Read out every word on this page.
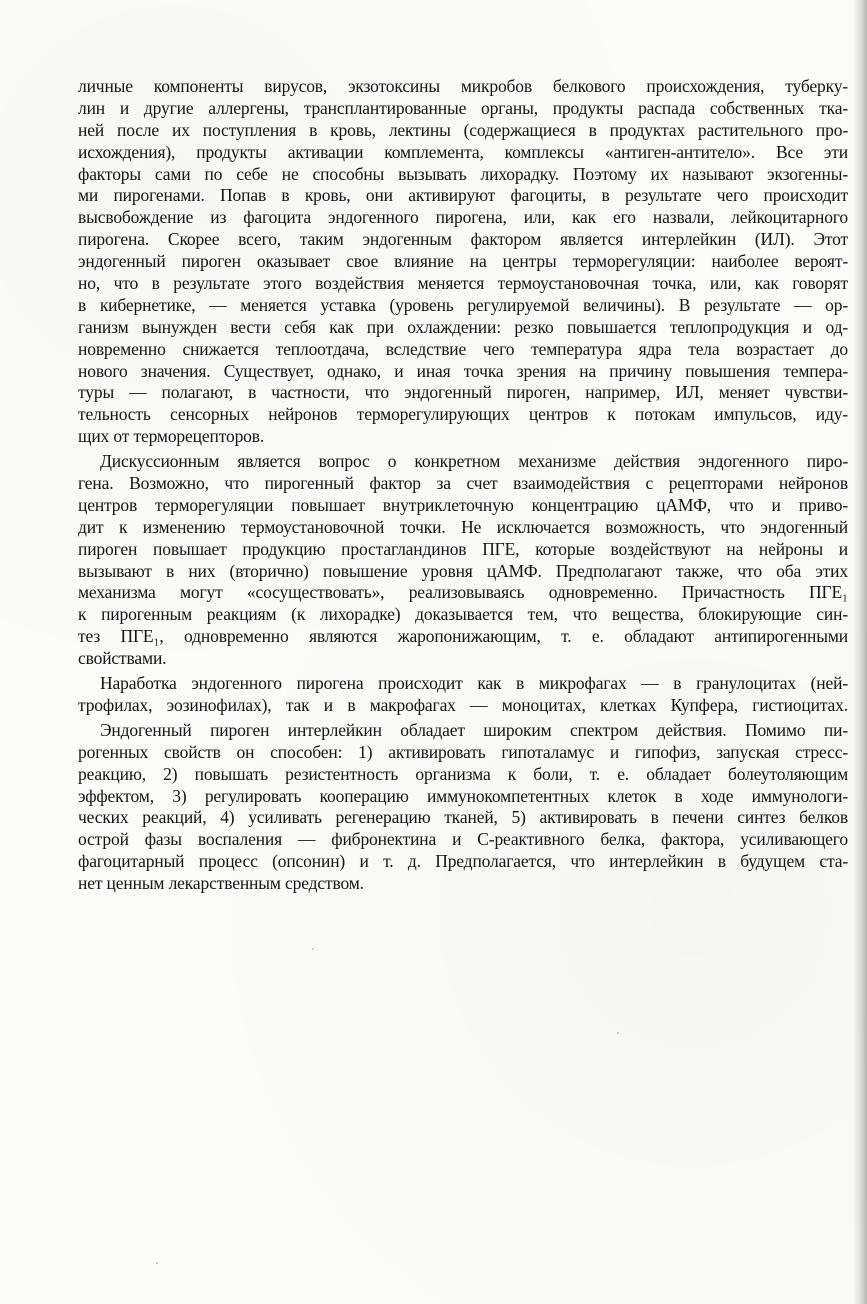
личные компоненты вирусов, экзотоксины микробов белкового происхождения, туберку-
лин и другие аллергены, трансплантированные органы, продукты распада собственных тка-
ней после их поступления в кровь, лектины (содержащиеся в продуктах растительного про-
исхождения), продукты активации комплемента, комплексы «антиген-антитело». Все эти
факторы сами по себе не способны вызывать лихорадку. Поэтому их называют экзогенны-
ми пирогенами. Попав в кровь, они активируют фагоциты, в результате чего происходит
высвобождение из фагоцита эндогенного пирогена, или, как его назвали, лейкоцитарного
пирогена. Скорее всего, таким эндогенным фактором является интерлейкин (ИЛ). Этот
эндогенный пироген оказывает свое влияние на центры терморегуляции: наиболее вероят-
но, что в результате этого воздействия меняется термоустановочная точка, или, как говорят
в кибернетике, — меняется уставка (уровень регулируемой величины). В результате — ор-
ганизм вынужден вести себя как при охлаждении: резко повышается теплопродукция и од-
новременно снижается теплоотдача, вследствие чего температура ядра тела возрастает до
нового значения. Существует, однако, и иная точка зрения на причину повышения темпера-
туры — полагают, в частности, что эндогенный пироген, например, ИЛ, меняет чувстви-
тельность сенсорных нейронов терморегулирующих центров к потокам импульсов, иду-
щих от терморецепторов.
Дискуссионным является вопрос о конкретном механизме действия эндогенного пиро-
гена. Возможно, что пирогенный фактор за счет взаимодействия с рецепторами нейронов
центров терморегуляции повышает внутриклеточную концентрацию цАМФ, что и приво-
дит к изменению термоустановочной точки. Не исключается возможность, что эндогенный
пироген повышает продукцию простагландинов ПГЕ, которые воздействуют на нейроны и
вызывают в них (вторично) повышение уровня цАМФ. Предполагают также, что оба этих
механизма могут «сосуществовать», реализовываясь одновременно. Причастность ПГЕ₁
к пирогенным реакциям (к лихорадке) доказывается тем, что вещества, блокирующие син-
тез ПГЕ₁, одновременно являются жаропонижающим, т. е. обладают антипирогенными
свойствами.
Наработка эндогенного пирогена происходит как в микрофагах — в гранулоцитах (ней-
трофилах, эозинофилах), так и в макрофагах — моноцитах, клетках Купфера, гистиоцитах.
Эндогенный пироген интерлейкин обладает широким спектром действия. Помимо пи-
рогенных свойств он способен: 1) активировать гипоталамус и гипофиз, запуская стресс-
реакцию, 2) повышать резистентность организма к боли, т. е. обладает болеутоляющим
эффектом, 3) регулировать кооперацию иммунокомпетентных клеток в ходе иммунологи-
ческих реакций, 4) усиливать регенерацию тканей, 5) активировать в печени синтез белков
острой фазы воспаления — фибронектина и С-реактивного белка, фактора, усиливающего
фагоцитарный процесс (опсонин) и т. д. Предполагается, что интерлейкин в будущем ста-
нет ценным лекарственным средством.
